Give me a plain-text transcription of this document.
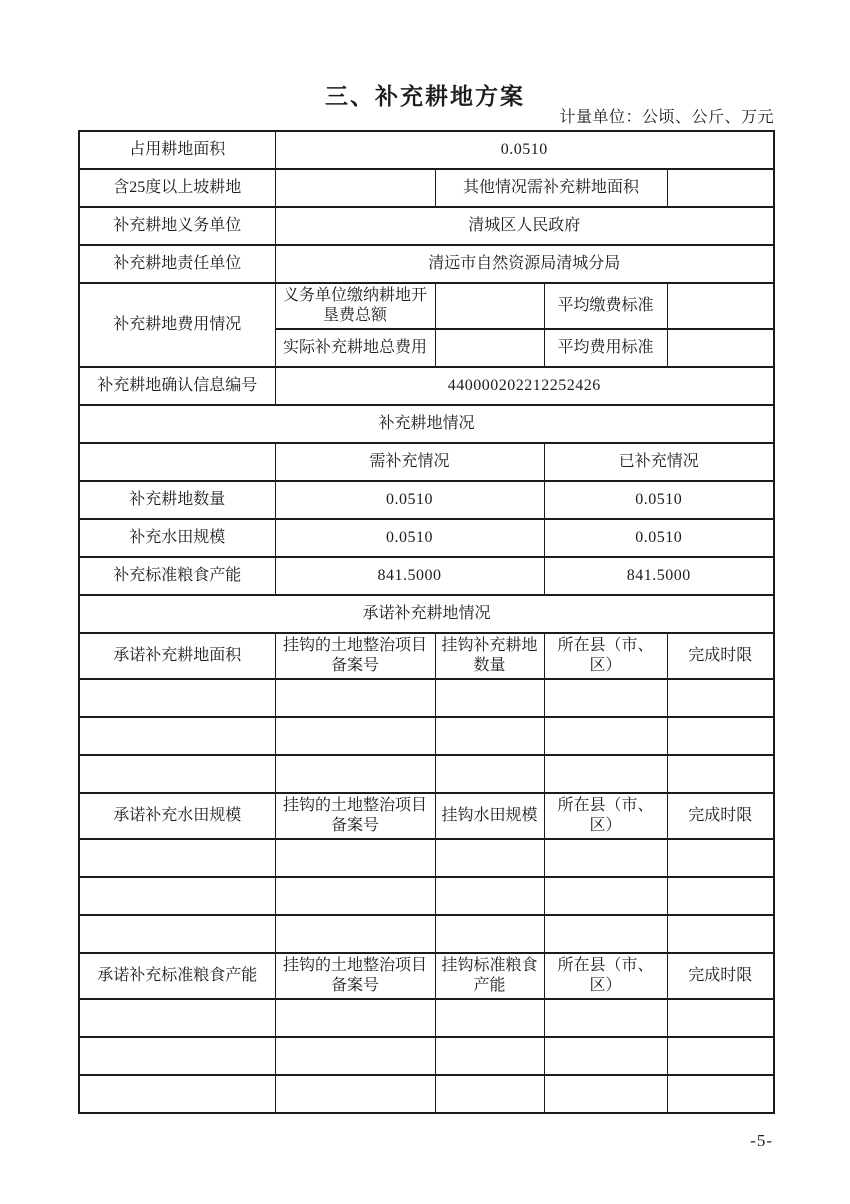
三、补充耕地方案
计量单位：公顷、公斤、万元
占用耕地面积	0.0510			
含25度以上坡耕地		其他情况需补充耕地面积		
补充耕地义务单位	清城区人民政府			
补充耕地责任单位	清远市自然资源局清城分局			
补充耕地费用情况	义务单位缴纳耕地开垦费总额		平均缴费标准	
	实际补充耕地总费用		平均费用标准	
补充耕地确认信息编号	440000202212252426			
补充耕地情况				
	需补充情况		已补充情况	
补充耕地数量	0.0510		0.0510	
补充水田规模	0.0510		0.0510	
补充标准粮食产能	841.5000		841.5000	
承诺补充耕地情况				
承诺补充耕地面积	挂钩的土地整治项目备案号	挂钩补充耕地数量	所在县（市、区）	完成时限

承诺补充水田规模	挂钩的土地整治项目备案号	挂钩水田规模	所在县（市、区）	完成时限

承诺补充标准粮食产能	挂钩的土地整治项目备案号	挂钩标准粮食产能	所在县（市、区）	完成时限

-5-
